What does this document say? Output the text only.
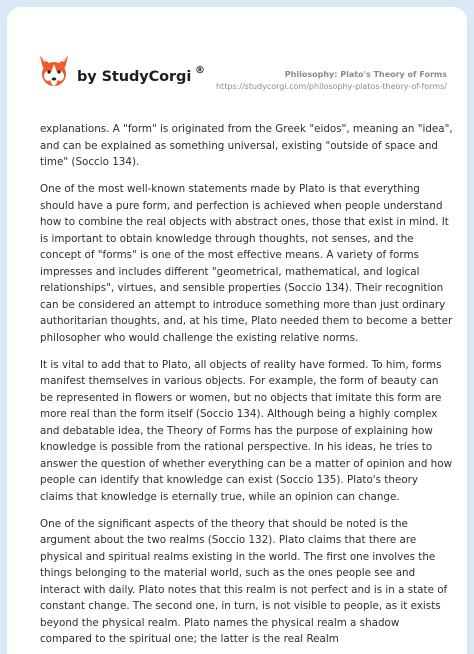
by StudyCorgi ®	Philosophy: Plato's Theory of Forms
https://studycorgi.com/philosophy-platos-theory-of-forms/

explanations. A "form" is originated from the Greek "eidos", meaning an "idea", and can be explained as something universal, existing "outside of space and time" (Soccio 134).

One of the most well-known statements made by Plato is that everything should have a pure form, and perfection is achieved when people understand how to combine the real objects with abstract ones, those that exist in mind. It is important to obtain knowledge through thoughts, not senses, and the concept of "forms" is one of the most effective means. A variety of forms impresses and includes different "geometrical, mathematical, and logical relationships", virtues, and sensible properties (Soccio 134). Their recognition can be considered an attempt to introduce something more than just ordinary authoritarian thoughts, and, at his time, Plato needed them to become a better philosopher who would challenge the existing relative norms.

It is vital to add that to Plato, all objects of reality have formed. To him, forms manifest themselves in various objects. For example, the form of beauty can be represented in flowers or women, but no objects that imitate this form are more real than the form itself (Soccio 134). Although being a highly complex and debatable idea, the Theory of Forms has the purpose of explaining how knowledge is possible from the rational perspective. In his ideas, he tries to answer the question of whether everything can be a matter of opinion and how people can identify that knowledge can exist (Soccio 135). Plato's theory claims that knowledge is eternally true, while an opinion can change.

One of the significant aspects of the theory that should be noted is the argument about the two realms (Soccio 132). Plato claims that there are physical and spiritual realms existing in the world. The first one involves the things belonging to the material world, such as the ones people see and interact with daily. Plato notes that this realm is not perfect and is in a state of constant change. The second one, in turn, is not visible to people, as it exists beyond the physical realm. Plato names the physical realm a shadow compared to the spiritual one; the latter is the real Realm
